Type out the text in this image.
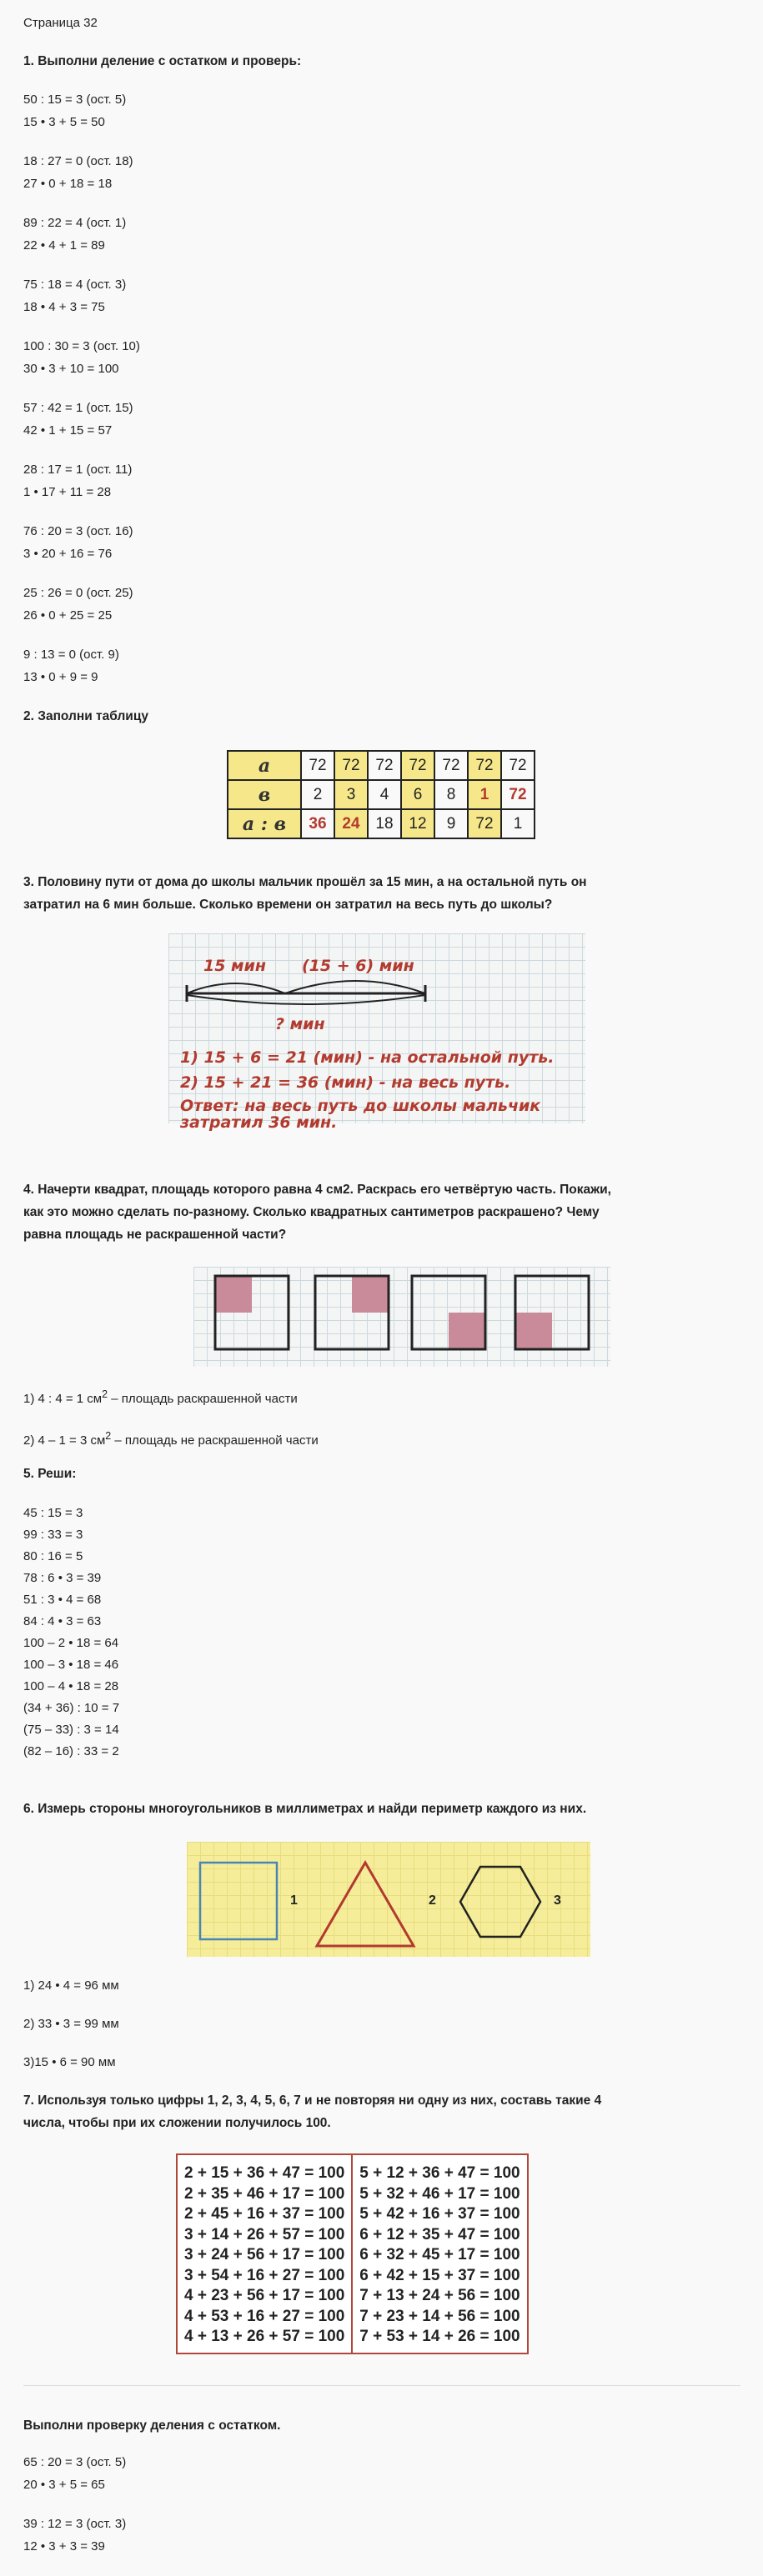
Страница 32
1. Выполни деление с остатком и проверь:
50 : 15 = 3 (ост. 5)
15 • 3 + 5 = 50
18 : 27 = 0 (ост. 18)
27 • 0 + 18 = 18
89 : 22 = 4 (ост. 1)
22 • 4 + 1 = 89
75 : 18 = 4 (ост. 3)
18 • 4 + 3 = 75
100 : 30 = 3 (ост. 10)
30 • 3 + 10 = 100
57 : 42 = 1 (ост. 15)
42 • 1 + 15 = 57
28 : 17 = 1 (ост. 11)
1 • 17 + 11 = 28
76 : 20 = 3 (ост. 16)
3 • 20 + 16 = 76
25 : 26 = 0 (ост. 25)
26 • 0 + 25 = 25
9 : 13 = 0 (ост. 9)
13 • 0 + 9 = 9
2. Заполни таблицу
а	72	72	72	72	72	72	72
в	2	3	4	6	8	1	72
а : в	36	24	18	12	9	72	1
3. Половину пути от дома до школы мальчик прошёл за 15 мин, а на остальной путь он
затратил на 6 мин больше. Сколько времени он затратил на весь путь до школы?
15 мин (15 + 6) мин
? мин
1) 15 + 6 = 21 (мин) - на остальной путь.
2) 15 + 21 = 36 (мин) - на весь путь.
Ответ: на весь путь до школы мальчик
затратил 36 мин.
4. Начерти квадрат, площадь которого равна 4 см2. Раскрась его четвёртую часть. Покажи,
как это можно сделать по-разному. Сколько квадратных сантиметров раскрашено? Чему
равна площадь не раскрашенной части?
1) 4 : 4 = 1 $см^2$ – площадь раскрашенной части
2) 4 – 1 = 3 $см^2$ – площадь не раскрашенной части
5. Реши:
45 : 15 = 3
99 : 33 = 3
80 : 16 = 5
78 : 6 • 3 = 39
51 : 3 • 4 = 68
84 : 4 • 3 = 63
100 – 2 • 18 = 64
100 – 3 • 18 = 46
100 – 4 • 18 = 28
(34 + 36) : 10 = 7
(75 – 33) : 3 = 14
(82 – 16) : 33 = 2
6. Измерь стороны многоугольников в миллиметрах и найди периметр каждого из них.
1	2	3
1) 24 • 4 = 96 мм
2) 33 • 3 = 99 мм
3)15 • 6 = 90 мм
7. Используя только цифры 1, 2, 3, 4, 5, 6, 7 и не повторяя ни одну из них, составь такие 4
числа, чтобы при их сложении получилось 100.
2 + 15 + 36 + 47 = 100
2 + 35 + 46 + 17 = 100
2 + 45 + 16 + 37 = 100
3 + 14 + 26 + 57 = 100
3 + 24 + 56 + 17 = 100
3 + 54 + 16 + 27 = 100
4 + 23 + 56 + 17 = 100
4 + 53 + 16 + 27 = 100
4 + 13 + 26 + 57 = 100

5 + 12 + 36 + 47 = 100
5 + 32 + 46 + 17 = 100
5 + 42 + 16 + 37 = 100
6 + 12 + 35 + 47 = 100
6 + 32 + 45 + 17 = 100
6 + 42 + 15 + 37 = 100
7 + 13 + 24 + 56 = 100
7 + 23 + 14 + 56 = 100
7 + 53 + 14 + 26 = 100
Выполни проверку деления с остатком.
65 : 20 = 3 (ост. 5)
20 • 3 + 5 = 65
39 : 12 = 3 (ост. 3)
12 • 3 + 3 = 39
